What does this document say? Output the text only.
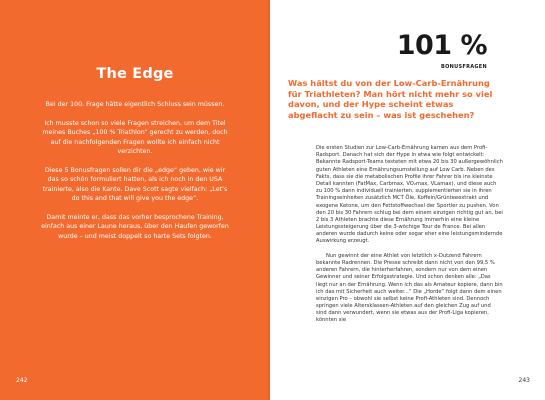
The Edge

Bei der 100. Frage hätte eigentlich Schluss sein müssen.

Ich musste schon so viele Fragen streichen, um dem Titel meines Buches „100 % Triathlon“ gerecht zu werden, doch auf die nachfolgenden Fragen wollte ich einfach nicht verzichten.

Diese 5 Bonusfragen sollen dir die „edge“ geben, wie wir das so schön formuliert hatten, als ich noch in den USA trainierte, also die Kante. Dave Scott sagte vielfach: „Let’s do this and that will give you the edge“.

Damit meinte er, dass das vorher besprochene Training, einfach aus einer Laune heraus, über den Haufen geworfen wurde – und meist doppelt so harte Sets folgten.

242
101 %
BONUSFRAGEN
Was hältst du von der Low-Carb-Ernährung für Triathleten? Man hört nicht mehr so viel davon, und der Hype scheint etwas abgeflacht zu sein – was ist geschehen?

Die ersten Studien zur Low-Carb-Ernährung kamen aus dem Profi-Radsport. Danach hat sich der Hype in etwa wie folgt entwickelt: Bekannte Radsport-Teams testeten mit etwa 20 bis 30 außergewöhnlich guten Athleten eine Ernährungsumstellung auf Low Carb. Neben des Fakts, dass sie die metabolischen Profile ihrer Fahrer bis ins kleinste Detail kannten (FatMax, Carbmax, VO₂max, VLamax), und diese auch zu 100 % dann individuell trainierten, supplementierten sie in ihren Trainingseinheiten zusätzlich MCT Öle, Koffein/Grünteeextrakt und exogene Ketone, um den Fettstoffwechsel der Sportler zu pushen. Von den 20 bis 30 Fahrern schlug bei dem einem einzigen richtig gut an, bei 2 bis 3 Athleten brachte diese Ernährung immerhin eine kleine Leistungssteigerung über die 3-wöchige Tour de France. Bei allen anderen wurde dadurch keine oder sogar eher eine leistungsmindernde Auswirkung erzeugt.

Nun gewinnt der eine Athlet von letztlich x-Dutzend Fahrern bekannte Radrennen. Die Presse schreibt dann nicht von den 99,5 % anderen Fahrern, die hinterherfahren, sondern nur von dem einen Gewinner und seiner Erfolgsstrategie. Und schon denken alle: „Das liegt nur an der Ernährung. Wenn ich das als Amateur kopiere, dann bin ich das mit Sicherheit auch weiter...“ Die „Horde“ folgt dann dem einen einzigen Pro – obwohl sie selbst keine Profi-Athleten sind. Dennoch springen viele Altersklassen-Athleten auf den gleichen Zug auf und sind dann verwundert, wenn sie etwas aus der Profi-Liga kopieren, könnten sie

243
